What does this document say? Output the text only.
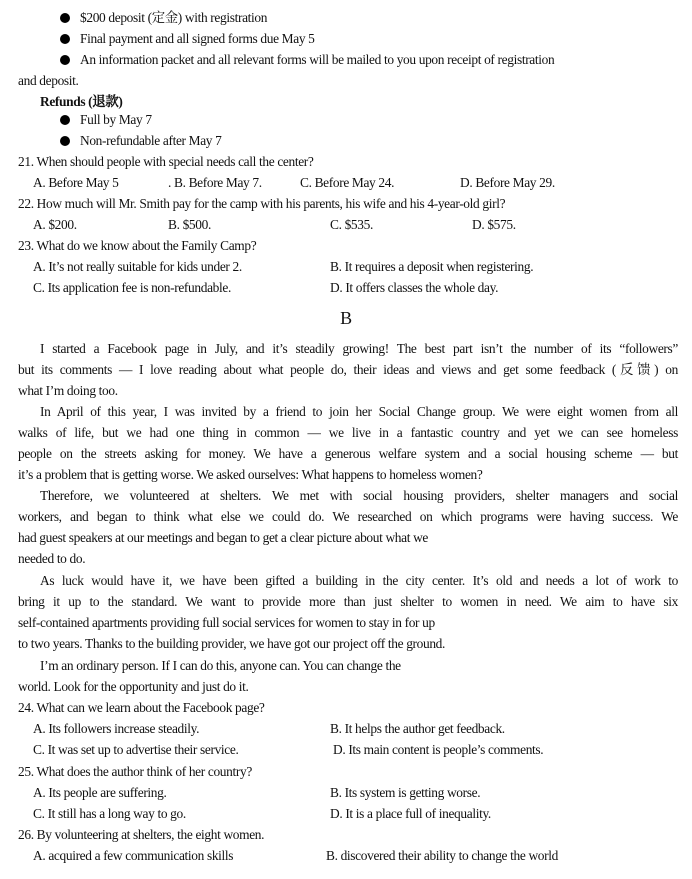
$200 deposit (定金) with registration
Final payment and all signed forms due May 5
An information packet and all relevant forms will be mailed to you upon receipt of registration
and deposit.
Refunds (退款)
Full by May 7
Non-refundable after May 7
21. When should people with special needs call the center?
A. Before May 5	. B. Before May 7.	C. Before May 24.	D. Before May 29.
22. How much will Mr. Smith pay for the camp with his parents, his wife and his 4-year-old girl?
A. $200.	B. $500.	C. $535.	D. $575.
23. What do we know about the Family Camp?
A. It’s not really suitable for kids under 2.	B. It requires a deposit when registering.
C. Its application fee is non-refundable.	D. It offers classes the whole day.
B
I started a Facebook page in July, and it’s steadily growing! The best part isn’t the number of its “followers”
but its comments — I love reading about what people do, their ideas and views and get some feedback (反馈) on
what I’m doing too.
In April of this year, I was invited by a friend to join her Social Change group. We were eight women from all
walks of life, but we had one thing in common — we live in a fantastic country and yet we can see homeless
people on the streets asking for money. We have a generous welfare system and a social housing scheme — but
it’s a problem that is getting worse. We asked ourselves: What happens to homeless women?
Therefore, we volunteered at shelters. We met with social housing providers, shelter managers and social
workers, and began to think what else we could do. We researched on which programs were having success. We
had guest speakers at our meetings and began to get a clear picture about what we
needed to do.
As luck would have it, we have been gifted a building in the city center. It’s old and needs a lot of work to
bring it up to the standard. We want to provide more than just shelter to women in need. We aim to have six
self-contained apartments providing full social services for women to stay in for up
to two years. Thanks to the building provider, we have got our project off the ground.
I’m an ordinary person. If I can do this, anyone can. You can change the
world. Look for the opportunity and just do it.
24. What can we learn about the Facebook page?
A. Its followers increase steadily.	B. It helps the author get feedback.
C. It was set up to advertise their service.	D. Its main content is people’s comments.
25. What does the author think of her country?
A. Its people are suffering.	B. Its system is getting worse.
C. It still has a long way to go.	D. It is a place full of inequality.
26. By volunteering at shelters, the eight women.
A. acquired a few communication skills	B. discovered their ability to change the world
